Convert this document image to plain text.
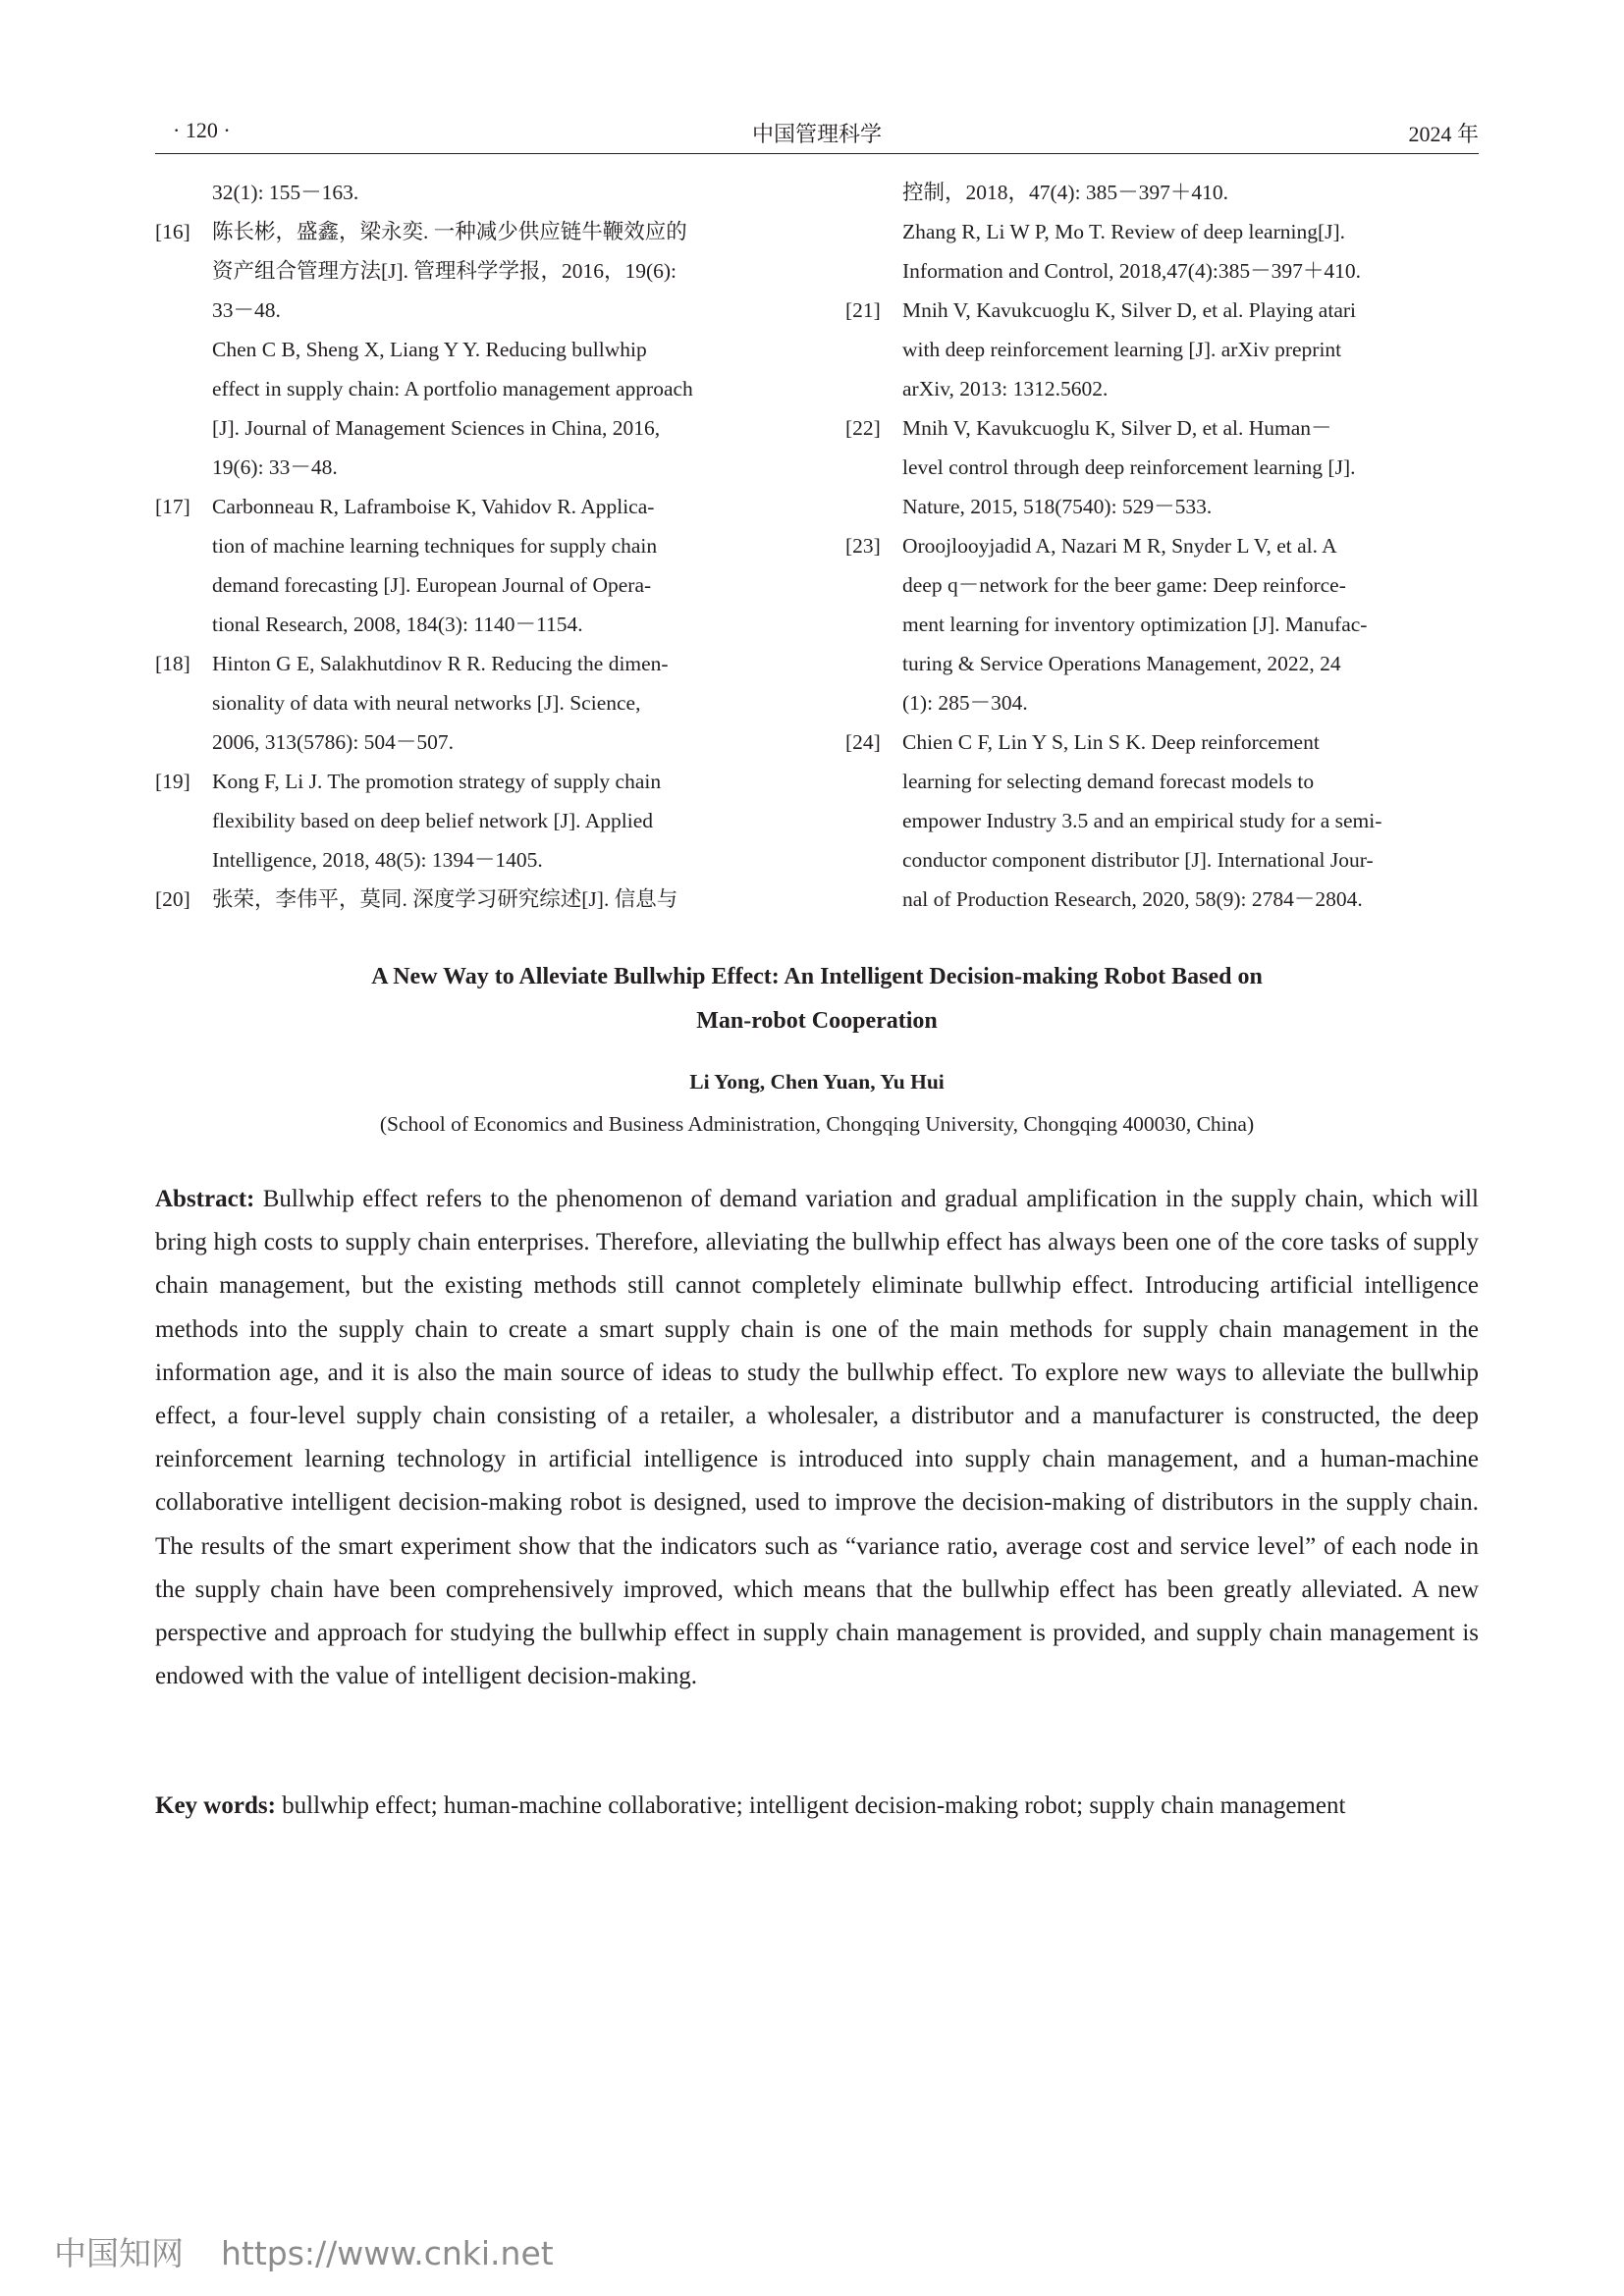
· 120 ·	中国管理科学	2024 年
32(1): 155－163.
[16]	陈长彬，盛鑫，梁永奕. 一种减少供应链牛鞭效应的
资产组合管理方法[J]. 管理科学学报，2016，19(6):
33－48.
Chen C B, Sheng X, Liang Y Y. Reducing bullwhip
effect in supply chain: A portfolio management approach
[J]. Journal of Management Sciences in China, 2016,
19(6): 33－48.
[17]	Carbonneau R, Laframboise K, Vahidov R. Applica-
tion of machine learning techniques for supply chain
demand forecasting [J]. European Journal of Opera-
tional Research, 2008, 184(3): 1140－1154.
[18]	Hinton G E, Salakhutdinov R R. Reducing the dimen-
sionality of data with neural networks [J]. Science,
2006, 313(5786): 504－507.
[19]	Kong F, Li J. The promotion strategy of supply chain
flexibility based on deep belief network [J]. Applied
Intelligence, 2018, 48(5): 1394－1405.
[20]	张荣，李伟平，莫同. 深度学习研究综述[J]. 信息与
控制，2018，47(4): 385－397＋410.
Zhang R, Li W P, Mo T. Review of deep learning[J].
Information and Control, 2018,47(4):385－397＋410.
[21]	Mnih V, Kavukcuoglu K, Silver D, et al. Playing atari
with deep reinforcement learning [J]. arXiv preprint
arXiv, 2013: 1312.5602.
[22]	Mnih V, Kavukcuoglu K, Silver D, et al. Human－
level control through deep reinforcement learning [J].
Nature, 2015, 518(7540): 529－533.
[23]	Oroojlooyjadid A, Nazari M R, Snyder L V, et al. A
deep q－network for the beer game: Deep reinforce-
ment learning for inventory optimization [J]. Manufac-
turing & Service Operations Management, 2022, 24
(1): 285－304.
[24]	Chien C F, Lin Y S, Lin S K. Deep reinforcement
learning for selecting demand forecast models to
empower Industry 3.5 and an empirical study for a semi-
conductor component distributor [J]. International Jour-
nal of Production Research, 2020, 58(9): 2784－2804.
A New Way to Alleviate Bullwhip Effect: An Intelligent Decision-making Robot Based on
Man-robot Cooperation
Li Yong, Chen Yuan, Yu Hui
(School of Economics and Business Administration, Chongqing University, Chongqing 400030, China)
Abstract: Bullwhip effect refers to the phenomenon of demand variation and gradual amplification in the supply chain, which will bring high costs to supply chain enterprises. Therefore, alleviating the bullwhip effect has always been one of the core tasks of supply chain management, but the existing methods still cannot completely eliminate bullwhip effect. Introducing artificial intelligence methods into the supply chain to create a smart supply chain is one of the main methods for supply chain management in the information age, and it is also the main source of ideas to study the bullwhip effect. To explore new ways to alleviate the bullwhip effect, a four-level supply chain consisting of a retailer, a wholesaler, a distributor and a manufacturer is constructed, the deep reinforcement learning technology in artificial intelligence is introduced into supply chain management, and a human-machine collaborative intelligent decision-making robot is designed, used to improve the decision-making of distributors in the supply chain. The results of the smart experiment show that the indicators such as “variance ratio, average cost and service level” of each node in the supply chain have been comprehensively improved, which means that the bullwhip effect has been greatly alleviated. A new perspective and approach for studying the bullwhip effect in supply chain management is provided, and supply chain management is endowed with the value of intelligent decision-making.
Key words: bullwhip effect; human-machine collaborative; intelligent decision-making robot; supply chain management
中国知网 https://www.cnki.net
